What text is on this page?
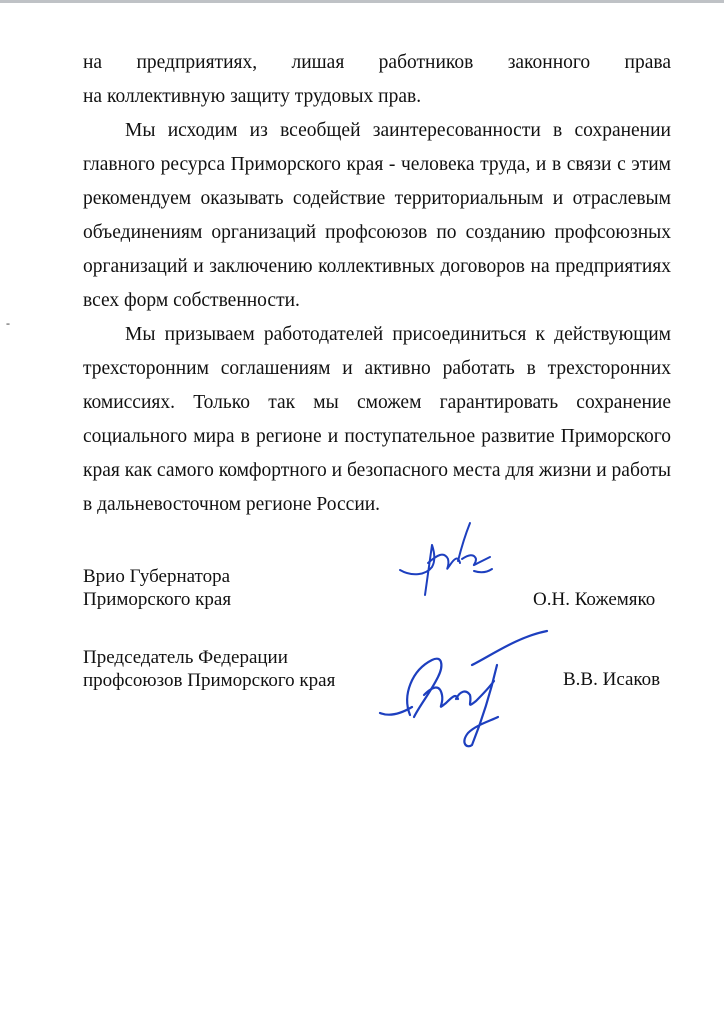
на предприятиях, лишая работников законного права
на коллективную защиту трудовых прав.

Мы исходим из всеобщей заинтересованности в сохранении главного ресурса Приморского края - человека труда, и в связи с этим рекомендуем оказывать содействие территориальным и отраслевым объединениям организаций профсоюзов по созданию профсоюзных организаций и заключению коллективных договоров на предприятиях всех форм собственности.

Мы призываем работодателей присоединиться к действующим трехсторонним соглашениям и активно работать в трехсторонних комиссиях. Только так мы сможем гарантировать сохранение социального мира в регионе и поступательное развитие Приморского края как самого комфортного и безопасного места для жизни и работы в дальневосточном регионе России.

-
Врио Губернатора
Приморского края	О.Н. Кожемяко
Председатель Федерации
профсоюзов Приморского края	В.В. Исаков
